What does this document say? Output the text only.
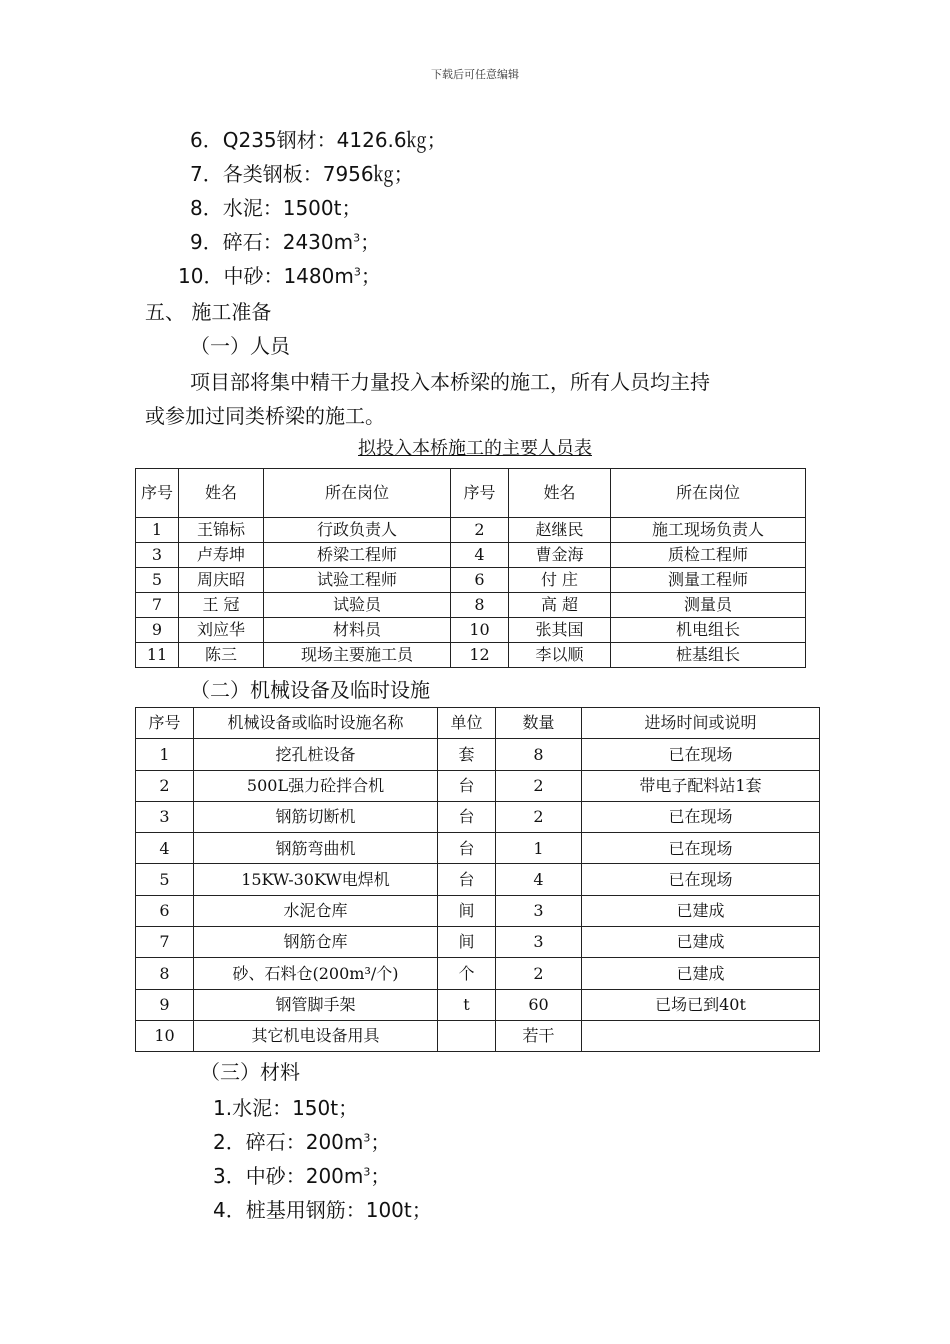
下载后可任意编辑
6．Q235钢材：4126.6㎏；
7．各类钢板：7956㎏；
8．水泥：1500t；
9．碎石：$2430m^3$；
10．中砂：$1480m^3$；
五、 施工准备
（一）人员
项目部将集中精干力量投入本桥梁的施工，所有人员均主持
或参加过同类桥梁的施工。
拟投入本桥施工的主要人员表
序号	姓名	所在岗位	序号	姓名	所在岗位
1	王锦标	行政负责人	2	赵继民	施工现场负责人
3	卢寿坤	桥梁工程师	4	曹金海	质检工程师
5	周庆昭	试验工程师	6	付 庄	测量工程师
7	王 冠	试验员	8	高 超	测量员
9	刘应华	材料员	10	张其国	机电组长
11	陈三	现场主要施工员	12	李以顺	桩基组长
（二）机械设备及临时设施
序号	机械设备或临时设施名称	单位	数量	进场时间或说明
1	挖孔桩设备	套	8	已在现场
2	500L强力砼拌合机	台	2	带电子配料站1套
3	钢筋切断机	台	2	已在现场
4	钢筋弯曲机	台	1	已在现场
5	15KW-30KW电焊机	台	4	已在现场
6	水泥仓库	间	3	已建成
7	钢筋仓库	间	3	已建成
8	砂、石料仓(200m³/个)	个	2	已建成
9	钢管脚手架	t	60	已场已到40t
10	其它机电设备用具		若干	
（三）材料
1.水泥：150t；
2．碎石：$200m^3$；
3．中砂：$200m^3$；
4．桩基用钢筋：100t；
